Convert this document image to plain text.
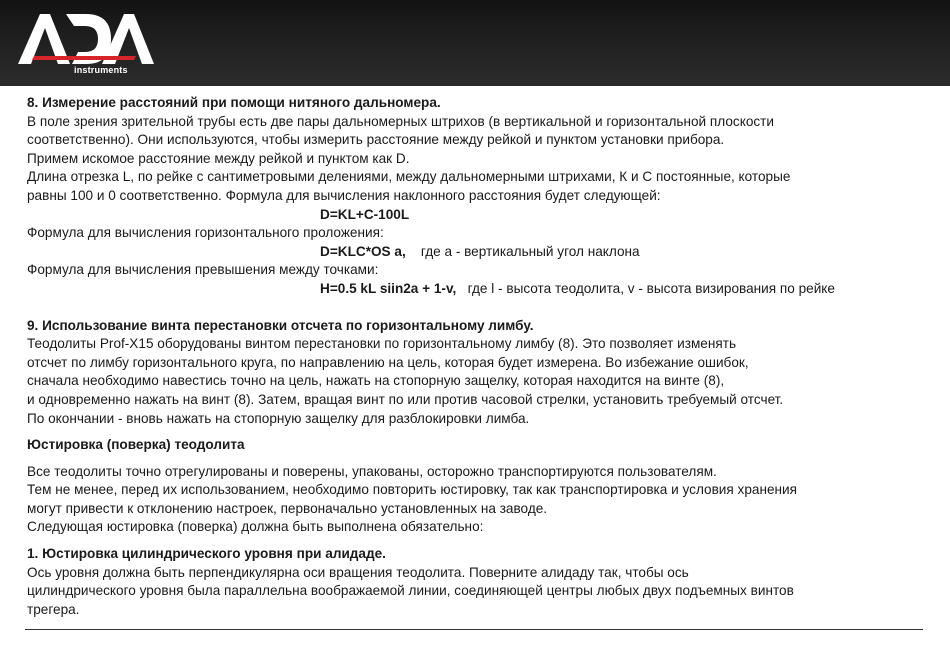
instruments

8. Измерение расстояний при помощи нитяного дальномера.

В поле зрения зрительной трубы есть две пары дальномерных штрихов (в вертикальной и горизонтальной плоскости

соответственно). Они используются, чтобы измерить расстояние между рейкой и пунктом установки прибора.

Примем искомое расстояние между рейкой и пунктом как D.

Длина отрезка L, по рейке с сантиметровыми делениями, между дальномерными штрихами, К и С постоянные, которые

равны 100 и 0 соответственно. Формула для вычисления наклонного расстояния будет следующей:

D=KL+C-100L

Формула для вычисления горизонтального проложения:

D=KLC*OS a, где а - вертикальный угол наклона

Формула для вычисления превышения между точками:

H=0.5 kL siin2a + 1-v, где l - высота теодолита, v - высота визирования по рейке

9. Использование винта перестановки отсчета по горизонтальному лимбу.

Теодолиты Prof-X15 оборудованы винтом перестановки по горизонтальному лимбу (8). Это позволяет изменять

отсчет по лимбу горизонтального круга, по направлению на цель, которая будет измерена. Во избежание ошибок,

сначала необходимо навестись точно на цель, нажать на стопорную защелку, которая находится на винте (8),

и одновременно нажать на винт (8). Затем, вращая винт по или против часовой стрелки, установить требуемый отсчет.

По окончании - вновь нажать на стопорную защелку для разблокировки лимба.

Юстировка (поверка) теодолита

Все теодолиты точно отрегулированы и поверены, упакованы, осторожно транспортируются пользователям.

Тем не менее, перед их использованием, необходимо повторить юстировку, так как транспортировка и условия хранения

могут привести к отклонению настроек, первоначально установленных на заводе.

Следующая юстировка (поверка) должна быть выполнена обязательно:

1. Юстировка цилиндрического уровня при алидаде.

Ось уровня должна быть перпендикулярна оси вращения теодолита. Поверните алидаду так, чтобы ось

цилиндрического уровня была параллельна воображаемой линии, соединяющей центры любых двух подъемных винтов

трегера.
